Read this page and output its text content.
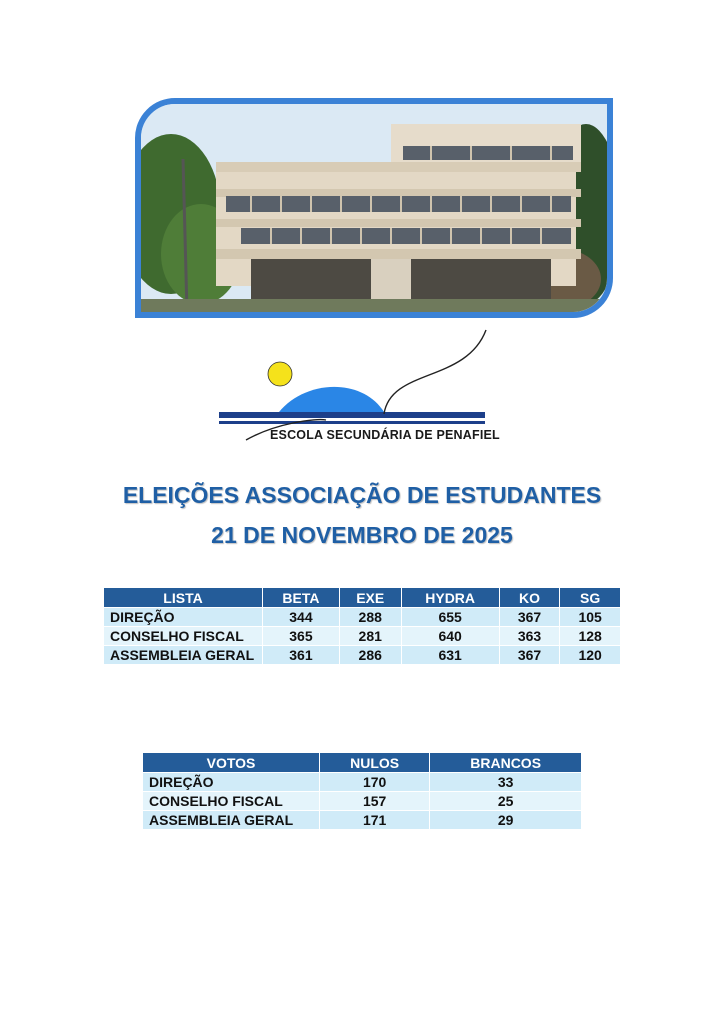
ESCOLA SECUNDÁRIA DE PENAFIEL
ELEIÇÕES ASSOCIAÇÃO DE ESTUDANTES
21 DE NOVEMBRO DE 2025
LISTA	BETA	EXE	HYDRA	KO	SG
DIREÇÃO	344	288	655	367	105
CONSELHO FISCAL	365	281	640	363	128
ASSEMBLEIA GERAL	361	286	631	367	120
VOTOS	NULOS	BRANCOS
DIREÇÃO	170	33
CONSELHO FISCAL	157	25
ASSEMBLEIA GERAL	171	29
